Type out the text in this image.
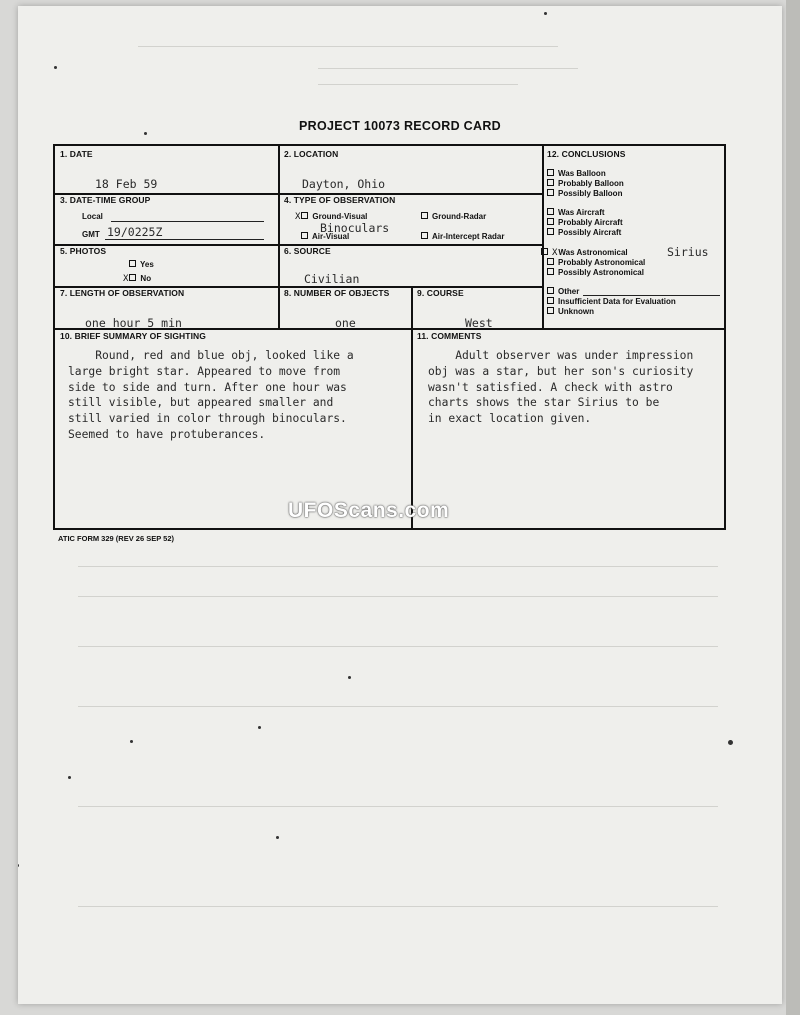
PROJECT 10073 RECORD CARD
1. DATE
18 Feb 59
2. LOCATION
Dayton, Ohio
3. DATE-TIME GROUP
Local
GMT 19/0225Z
4. TYPE OF OBSERVATION
X Ground-Visual
Binoculars
Ground-Radar
Air-Visual	Air-Intercept Radar
5. PHOTOS
Yes
X No
6. SOURCE
Civilian
7. LENGTH OF OBSERVATION
one hour 5 min
8. NUMBER OF OBJECTS
one
9. COURSE
West
10. BRIEF SUMMARY OF SIGHTING
Round, red and blue obj, looked like a
large bright star. Appeared to move from
side to side and turn. After one hour was
still visible, but appeared smaller and
still varied in color through binoculars.
Seemed to have protuberances.
11. COMMENTS
Adult observer was under impression
obj was a star, but her son's curiosity
wasn't satisfied. A check with astro
charts shows the star Sirius to be
in exact location given.
12. CONCLUSIONS
Was Balloon
Probably Balloon
Possibly Balloon
Was Aircraft
Probably Aircraft
Possibly Aircraft
XWas Astronomical	Sirius
Probably Astronomical
Possibly Astronomical
Other
Insufficient Data for Evaluation
Unknown
ATIC FORM 329 (REV 26 SEP 52)
UFOScans.com
